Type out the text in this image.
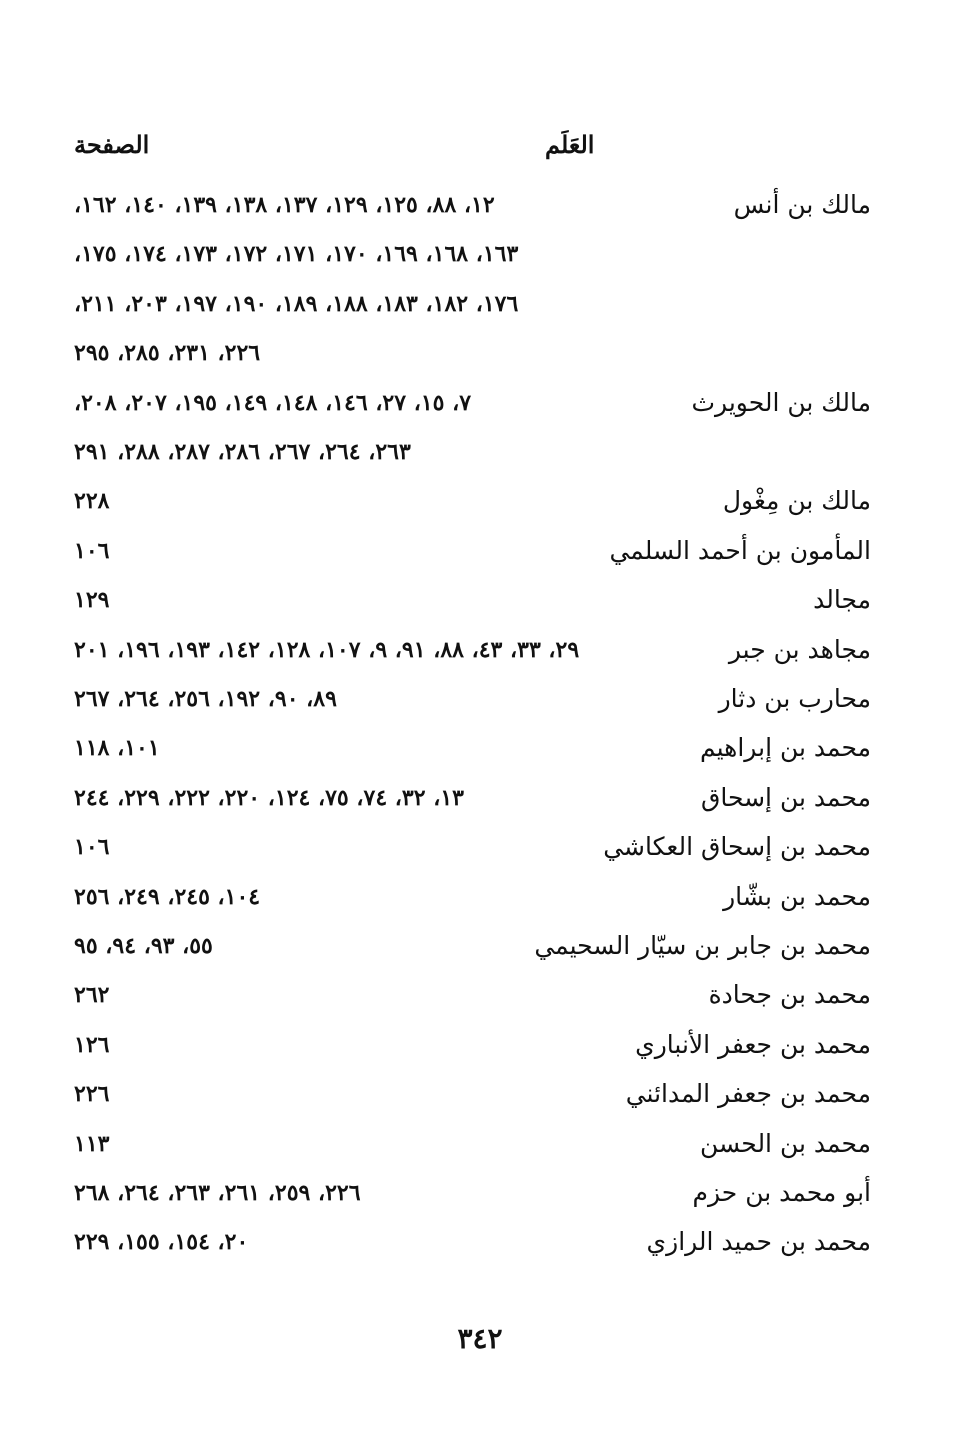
العَلَم
الصفحة
مالك بن أنس
١٢، ٨٨، ١٢٥، ١٢٩، ١٣٧، ١٣٨، ١٣٩، ١٤٠، ١٦٢،
١٦٣، ١٦٨، ١٦٩، ١٧٠، ١٧١، ١٧٢، ١٧٣، ١٧٤، ١٧٥،
١٧٦، ١٨٢، ١٨٣، ١٨٨، ١٨٩، ١٩٠، ١٩٧، ٢٠٣، ٢١١،
٢٢٦، ٢٣١، ٢٨٥، ٢٩٥
مالك بن الحويرث
٧، ١٥، ٢٧، ١٤٦، ١٤٨، ١٤٩، ١٩٥، ٢٠٧، ٢٠٨،
٢٦٣، ٢٦٤، ٢٦٧، ٢٨٦، ٢٨٧، ٢٨٨، ٢٩١
مالك بن مِغْول
٢٢٨
المأمون بن أحمد السلمي
١٠٦
مجالد
١٢٩
مجاهد بن جبر
٢٩، ٣٣، ٤٣، ٨٨، ٩١، ٩، ١٠٧، ١٢٨، ١٤٢، ١٩٣، ١٩٦، ٢٠١
محارب بن دثار
٨٩، ٩٠، ١٩٢، ٢٥٦، ٢٦٤، ٢٦٧
محمد بن إبراهيم
١٠١، ١١٨
محمد بن إسحاق
١٣، ٣٢، ٧٤، ٧٥، ١٢٤، ٢٢٠، ٢٢٢، ٢٢٩، ٢٤٤
محمد بن إسحاق العكاشي
١٠٦
محمد بن بشّار
١٠٤، ٢٤٥، ٢٤٩، ٢٥٦
محمد بن جابر بن سيّار السحيمي
٥٥، ٩٣، ٩٤، ٩٥
محمد بن جحادة
٢٦٢
محمد بن جعفر الأنباري
١٢٦
محمد بن جعفر المدائني
٢٢٦
محمد بن الحسن
١١٣
أبو محمد بن حزم
٢٢٦، ٢٥٩، ٢٦١، ٢٦٣، ٢٦٤، ٢٦٨
محمد بن حميد الرازي
٢٠، ١٥٤، ١٥٥، ٢٢٩
٣٤٢
